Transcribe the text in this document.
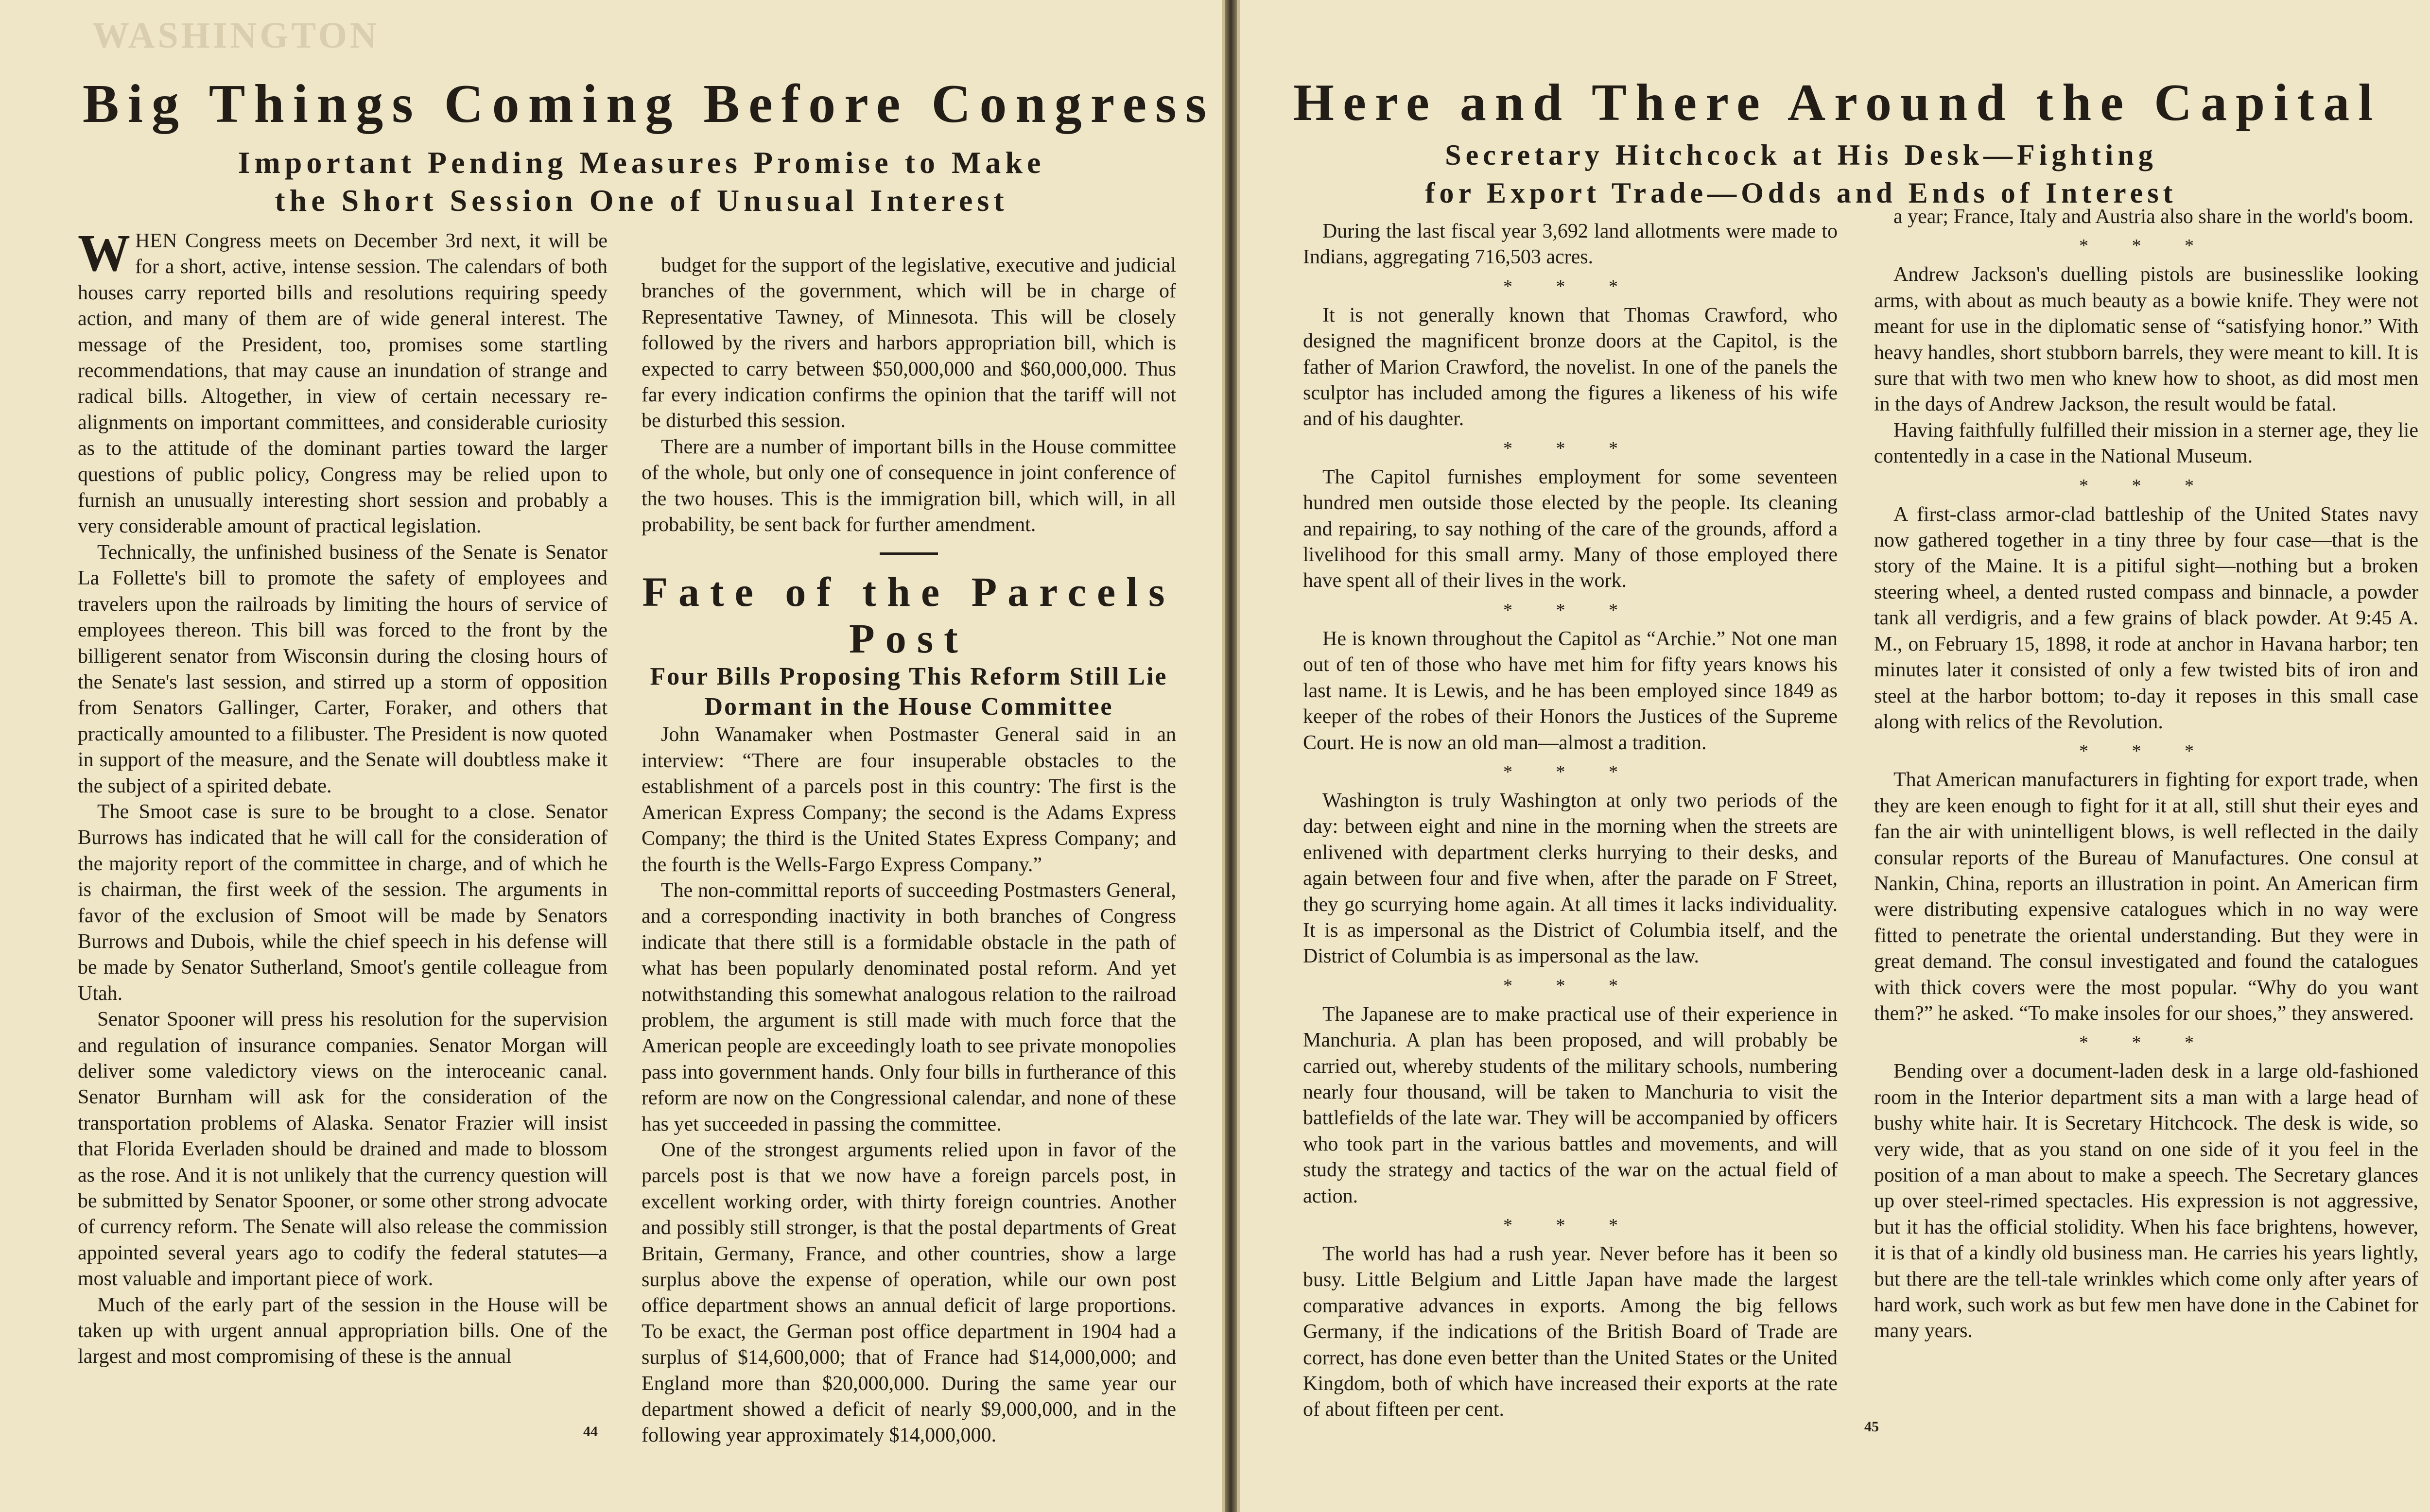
WASHINGTON
Big Things Coming Before Congress
Important Pending Measures Promise to Make
the Short Session One of Unusual Interest

WHEN Congress meets on December 3rd next, it will be for a short, active, intense session. The calendars of both houses carry reported bills and resolutions requiring speedy action, and many of them are of wide general interest. The message of the President, too, promises some startling recommendations, that may cause an inundation of strange and radical bills. Altogether, in view of certain necessary re-alignments on important committees, and considerable curiosity as to the attitude of the dominant parties toward the larger questions of public policy, Congress may be relied upon to furnish an unusually interesting short session and probably a very considerable amount of practical legislation.

Technically, the unfinished business of the Senate is Senator La Follette's bill to promote the safety of employees and travelers upon the railroads by limiting the hours of service of employees thereon. This bill was forced to the front by the billigerent senator from Wisconsin during the closing hours of the Senate's last session, and stirred up a storm of opposition from Senators Gallinger, Carter, Foraker, and others that practically amounted to a filibuster. The President is now quoted in support of the measure, and the Senate will doubtless make it the subject of a spirited debate.

The Smoot case is sure to be brought to a close. Senator Burrows has indicated that he will call for the consideration of the majority report of the committee in charge, and of which he is chairman, the first week of the session. The arguments in favor of the exclusion of Smoot will be made by Senators Burrows and Dubois, while the chief speech in his defense will be made by Senator Sutherland, Smoot's gentile colleague from Utah.

Senator Spooner will press his resolution for the supervision and regulation of insurance companies. Senator Morgan will deliver some valedictory views on the interoceanic canal. Senator Burnham will ask for the consideration of the transportation problems of Alaska. Senator Frazier will insist that Florida Everladen should be drained and made to blossom as the rose. And it is not unlikely that the currency question will be submitted by Senator Spooner, or some other strong advocate of currency reform. The Senate will also release the commission appointed several years ago to codify the federal statutes—a most valuable and important piece of work.

Much of the early part of the session in the House will be taken up with urgent annual appropriation bills. One of the largest and most compromising of these is the annual

budget for the support of the legislative, executive and judicial branches of the government, which will be in charge of Representative Tawney, of Minnesota. This will be closely followed by the rivers and harbors appropriation bill, which is expected to carry between $50,000,000 and $60,000,000. Thus far every indication confirms the opinion that the tariff will not be disturbed this session.

There are a number of important bills in the House committee of the whole, but only one of consequence in joint conference of the two houses. This is the immigration bill, which will, in all probability, be sent back for further amendment.

Fate of the Parcels Post

Four Bills Proposing This Reform Still Lie Dormant in the House Committee

John Wanamaker when Postmaster General said in an interview: “There are four insuperable obstacles to the establishment of a parcels post in this country: The first is the American Express Company; the second is the Adams Express Company; the third is the United States Express Company; and the fourth is the Wells-Fargo Express Company.”

The non-committal reports of succeeding Postmasters General, and a corresponding inactivity in both branches of Congress indicate that there still is a formidable obstacle in the path of what has been popularly denominated postal reform. And yet notwithstanding this somewhat analogous relation to the railroad problem, the argument is still made with much force that the American people are exceedingly loath to see private monopolies pass into government hands. Only four bills in furtherance of this reform are now on the Congressional calendar, and none of these has yet succeeded in passing the committee.

One of the strongest arguments relied upon in favor of the parcels post is that we now have a foreign parcels post, in excellent working order, with thirty foreign countries. Another and possibly still stronger, is that the postal departments of Great Britain, Germany, France, and other countries, show a large surplus above the expense of operation, while our own post office department shows an annual deficit of large proportions. To be exact, the German post office department in 1904 had a surplus of $14,600,000; that of France had $14,000,000; and England more than $20,000,000. During the same year our department showed a deficit of nearly $9,000,000, and in the following year approximately $14,000,000.

44
Here and There Around the Capital
Secretary Hitchcock at His Desk—Fighting
for Export Trade—Odds and Ends of Interest

During the last fiscal year 3,692 land allotments were made to Indians, aggregating 716,503 acres.

* * *

It is not generally known that Thomas Crawford, who designed the magnificent bronze doors at the Capitol, is the father of Marion Crawford, the novelist. In one of the panels the sculptor has included among the figures a likeness of his wife and of his daughter.

* * *

The Capitol furnishes employment for some seventeen hundred men outside those elected by the people. Its cleaning and repairing, to say nothing of the care of the grounds, afford a livelihood for this small army. Many of those employed there have spent all of their lives in the work.

* * *

He is known throughout the Capitol as “Archie.” Not one man out of ten of those who have met him for fifty years knows his last name. It is Lewis, and he has been employed since 1849 as keeper of the robes of their Honors the Justices of the Supreme Court. He is now an old man—almost a tradition.

* * *

Washington is truly Washington at only two periods of the day: between eight and nine in the morning when the streets are enlivened with department clerks hurrying to their desks, and again between four and five when, after the parade on F Street, they go scurrying home again. At all times it lacks individuality. It is as impersonal as the District of Columbia itself, and the District of Columbia is as impersonal as the law.

* * *

The Japanese are to make practical use of their experience in Manchuria. A plan has been proposed, and will probably be carried out, whereby students of the military schools, numbering nearly four thousand, will be taken to Manchuria to visit the battlefields of the late war. They will be accompanied by officers who took part in the various battles and movements, and will study the strategy and tactics of the war on the actual field of action.

* * *

The world has had a rush year. Never before has it been so busy. Little Belgium and Little Japan have made the largest comparative advances in exports. Among the big fellows Germany, if the indications of the British Board of Trade are correct, has done even better than the United States or the United Kingdom, both of which have increased their exports at the rate of about fifteen per cent.

a year; France, Italy and Austria also share in the world's boom.

* * *

Andrew Jackson's duelling pistols are businesslike looking arms, with about as much beauty as a bowie knife. They were not meant for use in the diplomatic sense of “satisfying honor.” With heavy handles, short stubborn barrels, they were meant to kill. It is sure that with two men who knew how to shoot, as did most men in the days of Andrew Jackson, the result would be fatal.

Having faithfully fulfilled their mission in a sterner age, they lie contentedly in a case in the National Museum.

* * *

A first-class armor-clad battleship of the United States navy now gathered together in a tiny three by four case—that is the story of the Maine. It is a pitiful sight—nothing but a broken steering wheel, a dented rusted compass and binnacle, a powder tank all verdigris, and a few grains of black powder. At 9:45 A. M., on February 15, 1898, it rode at anchor in Havana harbor; ten minutes later it consisted of only a few twisted bits of iron and steel at the harbor bottom; to-day it reposes in this small case along with relics of the Revolution.

* * *

That American manufacturers in fighting for export trade, when they are keen enough to fight for it at all, still shut their eyes and fan the air with unintelligent blows, is well reflected in the daily consular reports of the Bureau of Manufactures. One consul at Nankin, China, reports an illustration in point. An American firm were distributing expensive catalogues which in no way were fitted to penetrate the oriental understanding. But they were in great demand. The consul investigated and found the catalogues with thick covers were the most popular. “Why do you want them?” he asked. “To make insoles for our shoes,” they answered.

* * *

Bending over a document-laden desk in a large old-fashioned room in the Interior department sits a man with a large head of bushy white hair. It is Secretary Hitchcock. The desk is wide, so very wide, that as you stand on one side of it you feel in the position of a man about to make a speech. The Secretary glances up over steel-rimed spectacles. His expression is not aggressive, but it has the official stolidity. When his face brightens, however, it is that of a kindly old business man. He carries his years lightly, but there are the tell-tale wrinkles which come only after years of hard work, such work as but few men have done in the Cabinet for many years.

45
